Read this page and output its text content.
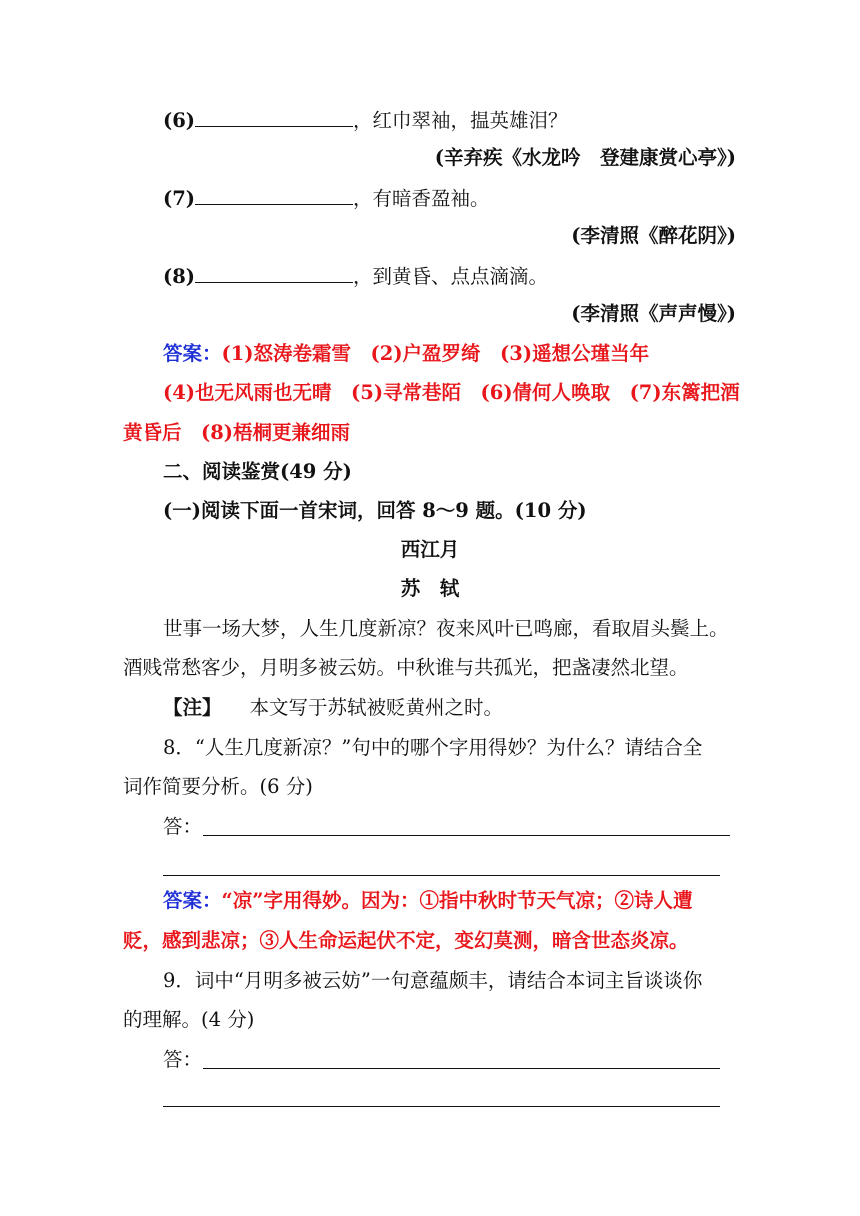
(6)	，红巾翠袖，揾英雄泪？
(辛弃疾《水龙吟　登建康赏心亭》)
(7)	，有暗香盈袖。
(李清照《醉花阴》)
(8)	，到黄昏、点点滴滴。
(李清照《声声慢》)
答案：(1)怒涛卷霜雪　(2)户盈罗绮　(3)遥想公瑾当年
(4)也无风雨也无晴　(5)寻常巷陌　(6)倩何人唤取　(7)东篱把酒
黄昏后　(8)梧桐更兼细雨
二、阅读鉴赏(49 分)
(一)阅读下面一首宋词，回答 8～9 题。(10 分)
西江月
苏　轼
世事一场大梦，人生几度新凉？夜来风叶已鸣廊，看取眉头鬓上。
酒贱常愁客少，月明多被云妨。中秋谁与共孤光，把盏凄然北望。
【注】 本文写于苏轼被贬黄州之时。
8．“人生几度新凉？”句中的哪个字用得妙？为什么？请结合全
词作简要分析。(6 分)
答：
答案：“凉”字用得妙。因为：①指中秋时节天气凉；②诗人遭
贬，感到悲凉；③人生命运起伏不定，变幻莫测，暗含世态炎凉。
9．词中“月明多被云妨”一句意蕴颇丰，请结合本词主旨谈谈你
的理解。(4 分)
答：
